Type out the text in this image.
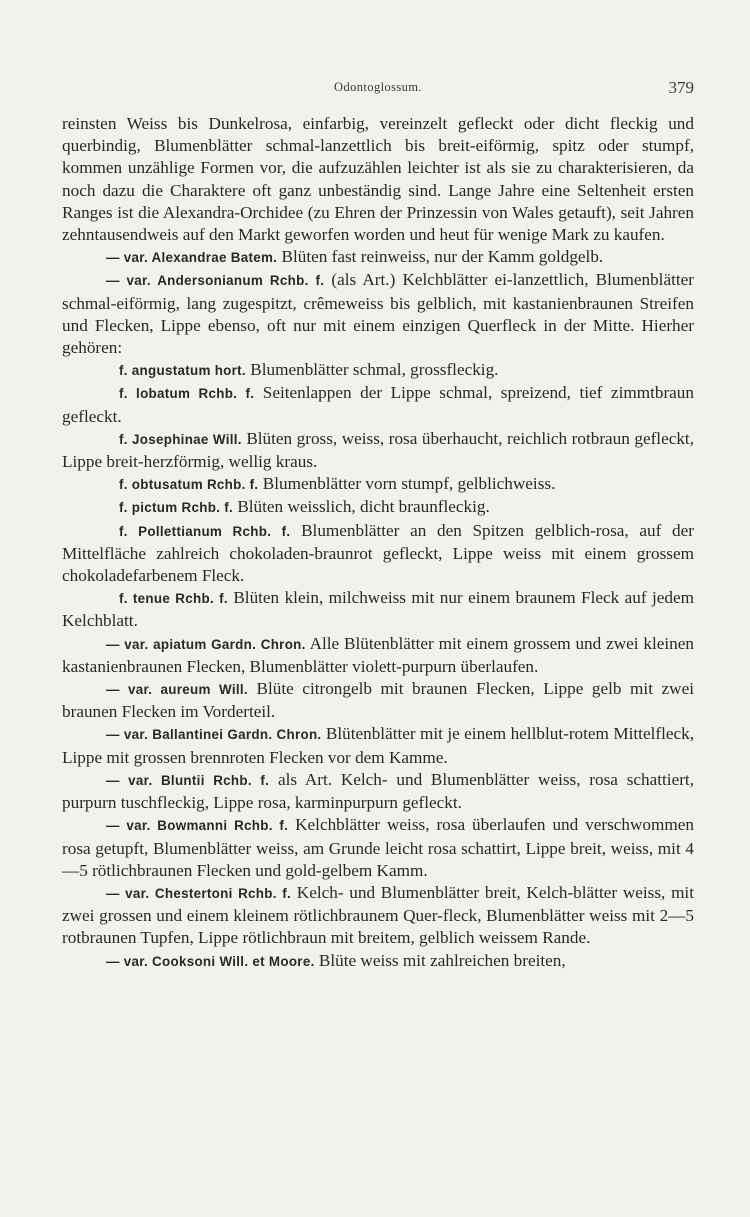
Odontoglossum.	379

reinsten Weiss bis Dunkelrosa, einfarbig, vereinzelt gefleckt oder dicht fleckig und querbindig, Blumenblätter schmal-lanzettlich bis breit-eiförmig, spitz oder stumpf, kommen unzählige Formen vor, die aufzuzählen leichter ist als sie zu charakterisieren, da noch dazu die Charaktere oft ganz unbeständig sind. Lange Jahre eine Seltenheit ersten Ranges ist die Alexandra-Orchidee (zu Ehren der Prinzessin von Wales getauft), seit Jahren zehntausendweis auf den Markt geworfen worden und heut für wenige Mark zu kaufen.

— var. Alexandrae Batem. Blüten fast reinweiss, nur der Kamm goldgelb.

— var. Andersonianum Rchb. f. (als Art.) Kelchblätter ei-lanzettlich, Blumenblätter schmal-eiförmig, lang zugespitzt, crêmeweiss bis gelblich, mit kastanienbraunen Streifen und Flecken, Lippe ebenso, oft nur mit einem einzigen Querfleck in der Mitte. Hierher gehören:

f. angustatum hort. Blumenblätter schmal, grossfleckig.

f. lobatum Rchb. f. Seitenlappen der Lippe schmal, spreizend, tief zimmtbraun gefleckt.

f. Josephinae Will. Blüten gross, weiss, rosa überhaucht, reichlich rotbraun gefleckt, Lippe breit-herzförmig, wellig kraus.

f. obtusatum Rchb. f. Blumenblätter vorn stumpf, gelblichweiss.

f. pictum Rchb. f. Blüten weisslich, dicht braunfleckig.

f. Pollettianum Rchb. f. Blumenblätter an den Spitzen gelblich-rosa, auf der Mittelfläche zahlreich chokoladen-braunrot gefleckt, Lippe weiss mit einem grossem chokoladefarbenem Fleck.

f. tenue Rchb. f. Blüten klein, milchweiss mit nur einem braunem Fleck auf jedem Kelchblatt.

— var. apiatum Gardn. Chron. Alle Blütenblätter mit einem grossem und zwei kleinen kastanienbraunen Flecken, Blumenblätter violett-purpurn überlaufen.

— var. aureum Will. Blüte citrongelb mit braunen Flecken, Lippe gelb mit zwei braunen Flecken im Vorderteil.

— var. Ballantinei Gardn. Chron. Blütenblätter mit je einem hellblut-rotem Mittelfleck, Lippe mit grossen brennroten Flecken vor dem Kamme.

— var. Bluntii Rchb. f. als Art. Kelch- und Blumenblätter weiss, rosa schattiert, purpurn tuschfleckig, Lippe rosa, karminpurpurn gefleckt.

— var. Bowmanni Rchb. f. Kelchblätter weiss, rosa überlaufen und verschwommen rosa getupft, Blumenblätter weiss, am Grunde leicht rosa schattirt, Lippe breit, weiss, mit 4—5 rötlichbraunen Flecken und gold-gelbem Kamm.

— var. Chestertoni Rchb. f. Kelch- und Blumenblätter breit, Kelch-blätter weiss, mit zwei grossen und einem kleinem rötlichbraunem Quer-fleck, Blumenblätter weiss mit 2—5 rotbraunen Tupfen, Lippe rötlichbraun mit breitem, gelblich weissem Rande.

— var. Cooksoni Will. et Moore. Blüte weiss mit zahlreichen breiten,
